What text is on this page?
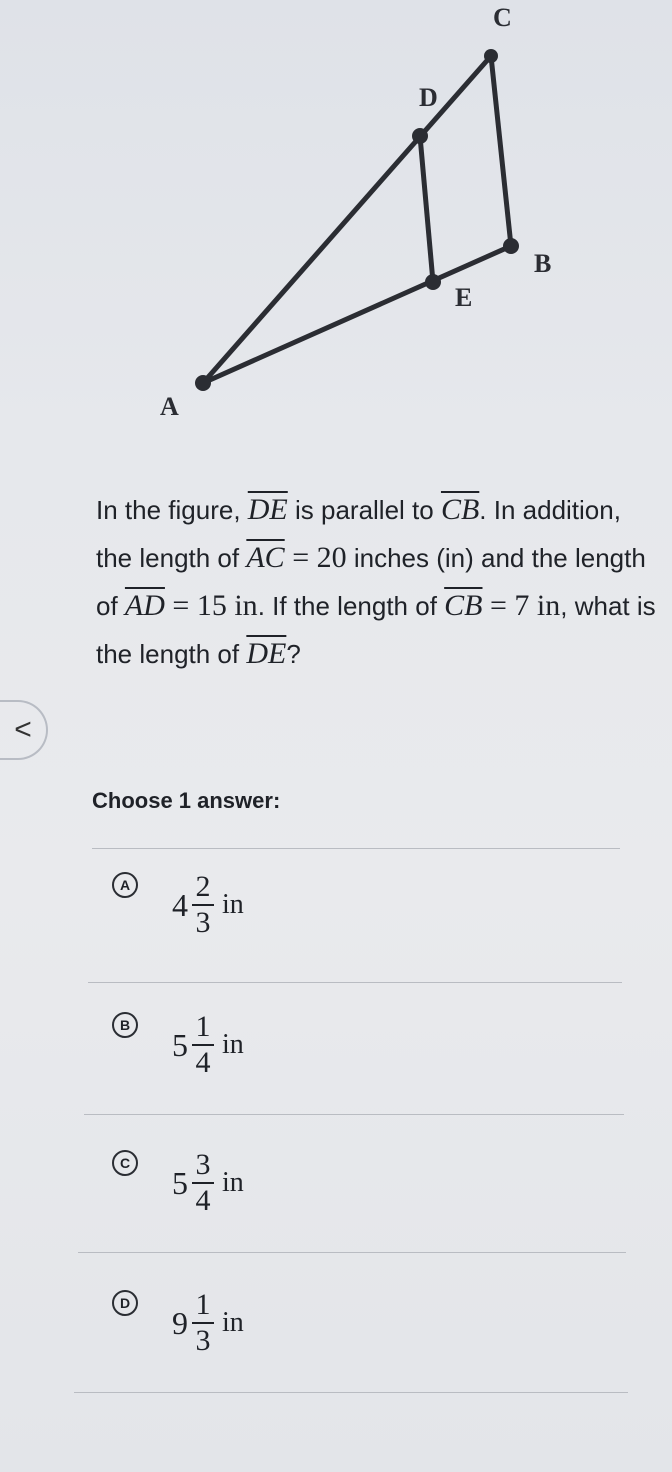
A
B
C
D
E

In the figure, $\overline{DE}$ is parallel to $\overline{CB}$. In addition, the length of $\overline{AC} = 20$ inches (in) and the length of $\overline{AD} = 15$ in. If the length of $\overline{CB} = 7$ in, what is the length of $\overline{DE}$?

<
Choose 1 answer:
A
$4 \frac{2}{3}$ in
B
$5 \frac{1}{4}$ in
C
$5 \frac{3}{4}$ in
D
$9 \frac{1}{3}$ in
